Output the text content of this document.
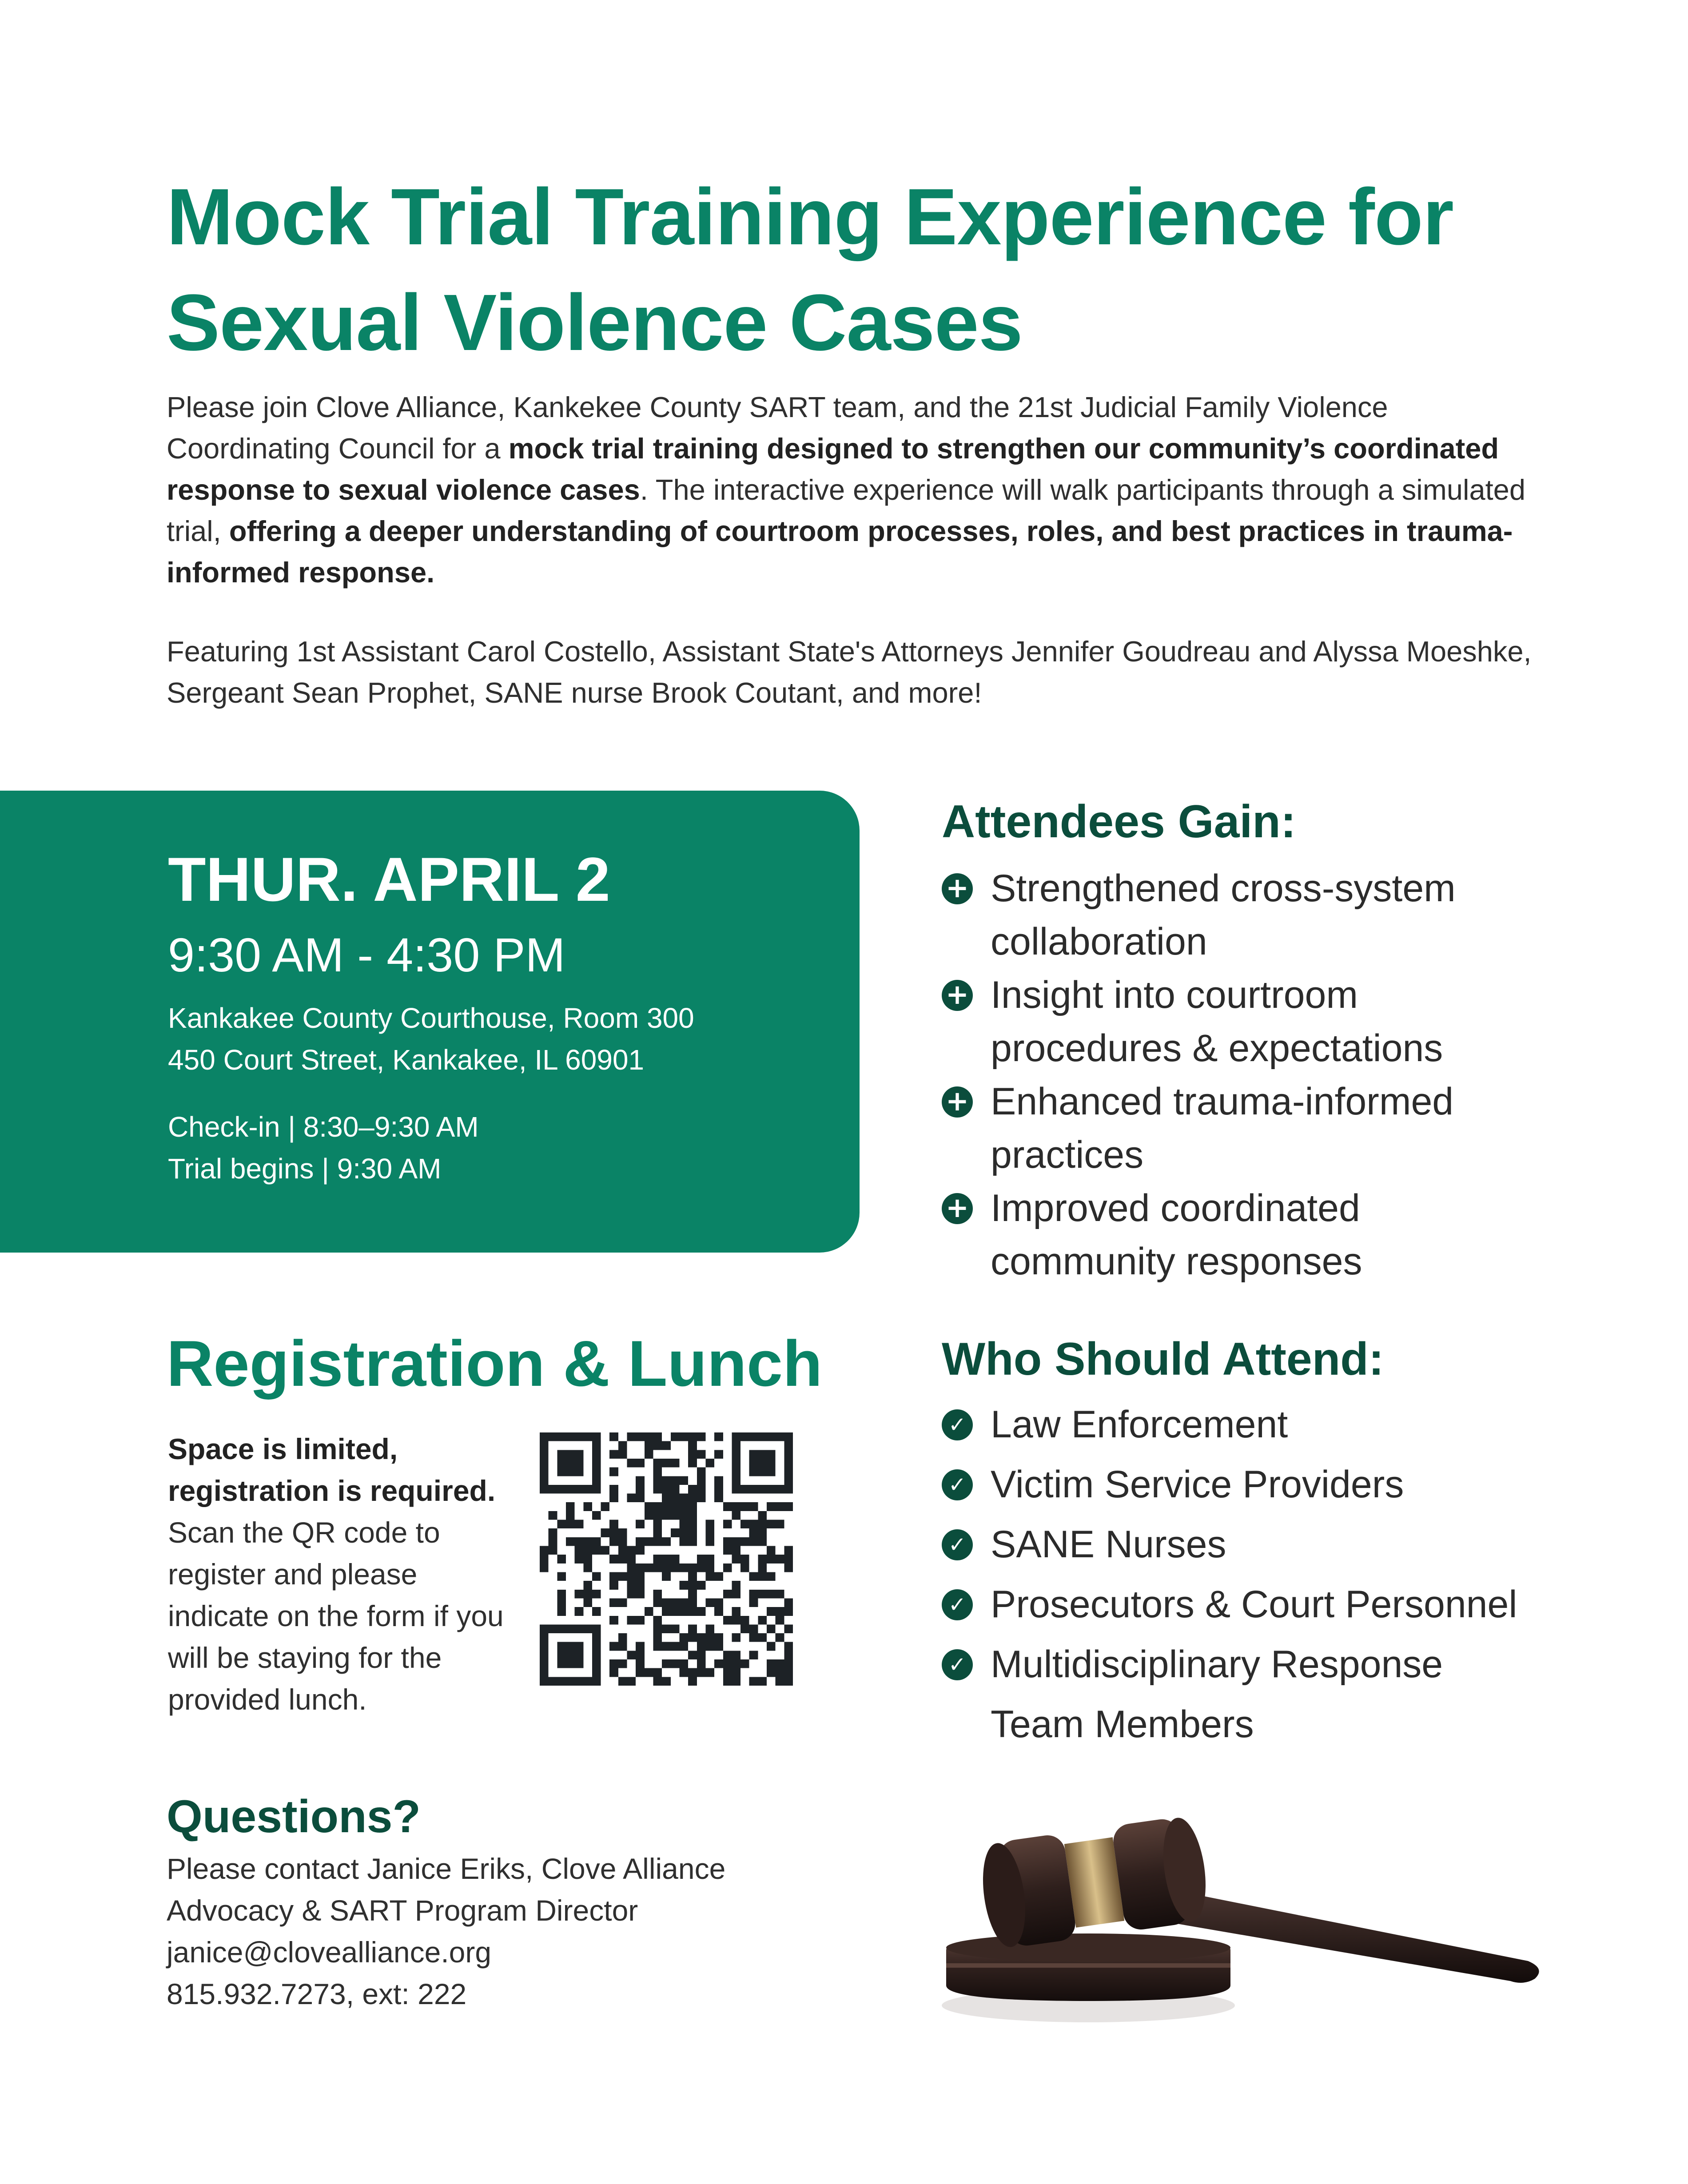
Mock Trial Training Experience for Sexual Violence Cases

Please join Clove Alliance, Kankekee County SART team, and the 21st Judicial Family Violence Coordinating Council for a mock trial training designed to strengthen our community’s coordinated response to sexual violence cases. The interactive experience will walk participants through a simulated trial, offering a deeper understanding of courtroom processes, roles, and best practices in trauma-informed response.

Featuring 1st Assistant Carol Costello, Assistant State's Attorneys Jennifer Goudreau and Alyssa Moeshke, Sergeant Sean Prophet, SANE nurse Brook Coutant, and more!

THUR. APRIL 2
9:30 AM - 4:30 PM
Kankakee County Courthouse, Room 300
450 Court Street, Kankakee, IL 60901
Check-in | 8:30–9:30 AM
Trial begins | 9:30 AM
Attendees Gain:
+ Strengthened cross-system collaboration
+ Insight into courtroom procedures & expectations
+ Enhanced trauma-informed practices
+ Improved coordinated community responses
Who Should Attend:
✓ Law Enforcement
✓ Victim Service Providers
✓ SANE Nurses
✓ Prosecutors & Court Personnel
✓ Multidisciplinary Response Team Members
Registration & Lunch
Space is limited,
registration is required.
Scan the QR code to register and please indicate on the form if you will be staying for the provided lunch.
Questions?
Please contact Janice Eriks, Clove Alliance
Advocacy & SART Program Director
janice@clovealliance.org
815.932.7273, ext: 222
